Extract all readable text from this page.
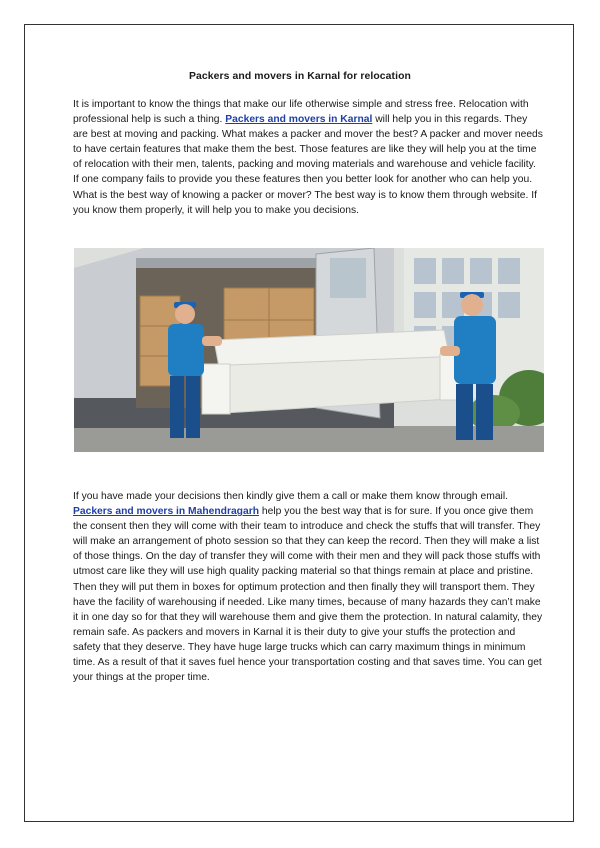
Packers and movers in Karnal for relocation

It is important to know the things that make our life otherwise simple and stress free. Relocation with professional help is such a thing. Packers and movers in Karnal will help you in this regards. They are best at moving and packing. What makes a packer and mover the best? A packer and mover needs to have certain features that make them the best. Those features are like they will help you at the time of relocation with their men, talents, packing and moving materials and warehouse and vehicle facility. If one company fails to provide you these features then you better look for another who can help you. What is the best way of knowing a packer or mover? The best way is to know them through website. If you know them properly, it will help you to make you decisions.

If you have made your decisions then kindly give them a call or make them know through email. Packers and movers in Mahendragarh help you the best way that is for sure. If you once give them the consent then they will come with their team to introduce and check the stuffs that will transfer. They will make an arrangement of photo session so that they can keep the record. Then they will make a list of those things. On the day of transfer they will come with their men and they will pack those stuffs with utmost care like they will use high quality packing material so that things remain at place and pristine. Then they will put them in boxes for optimum protection and then finally they will transport them. They have the facility of warehousing if needed. Like many times, because of many hazards they can’t make it in one day so for that they will warehouse them and give them the protection. In natural calamity, they remain safe. As packers and movers in Karnal it is their duty to give your stuffs the protection and safety that they deserve. They have huge large trucks which can carry maximum things in minimum time. As a result of that it saves fuel hence your transportation costing and that saves time. You can get your things at the proper time.
